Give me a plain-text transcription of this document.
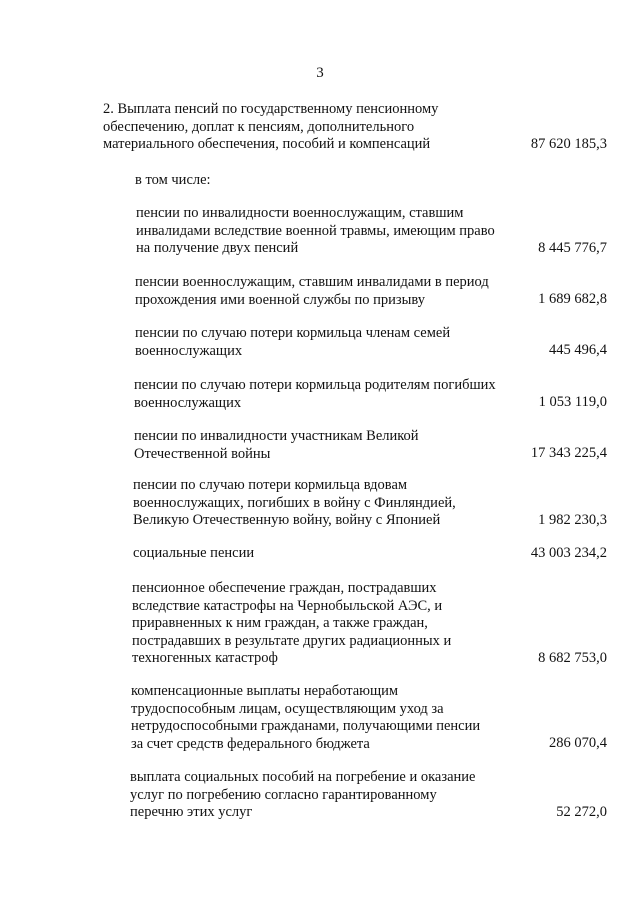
3
2. Выплата пенсий по государственному пенсионному
обеспечению, доплат к пенсиям, дополнительного
материального обеспечения, пособий и компенсаций	87 620 185,3
в том числе:
пенсии по инвалидности военнослужащим, ставшим
инвалидами вследствие военной травмы, имеющим право
на получение двух пенсий	8 445 776,7
пенсии военнослужащим, ставшим инвалидами в период
прохождения ими военной службы по призыву	1 689 682,8
пенсии по случаю потери кормильца членам семей
военнослужащих	445 496,4
пенсии по случаю потери кормильца родителям погибших
военнослужащих	1 053 119,0
пенсии по инвалидности участникам Великой
Отечественной войны	17 343 225,4
пенсии по случаю потери кормильца вдовам
военнослужащих, погибших в войну с Финляндией,
Великую Отечественную войну, войну с Японией	1 982 230,3
социальные пенсии	43 003 234,2
пенсионное обеспечение граждан, пострадавших
вследствие катастрофы на Чернобыльской АЭС, и
приравненных к ним граждан, а также граждан,
пострадавших в результате других радиационных и
техногенных катастроф	8 682 753,0
компенсационные выплаты неработающим
трудоспособным лицам, осуществляющим уход за
нетрудоспособными гражданами, получающими пенсии
за счет средств федерального бюджета	286 070,4
выплата социальных пособий на погребение и оказание
услуг по погребению согласно гарантированному
перечню этих услуг	52 272,0
